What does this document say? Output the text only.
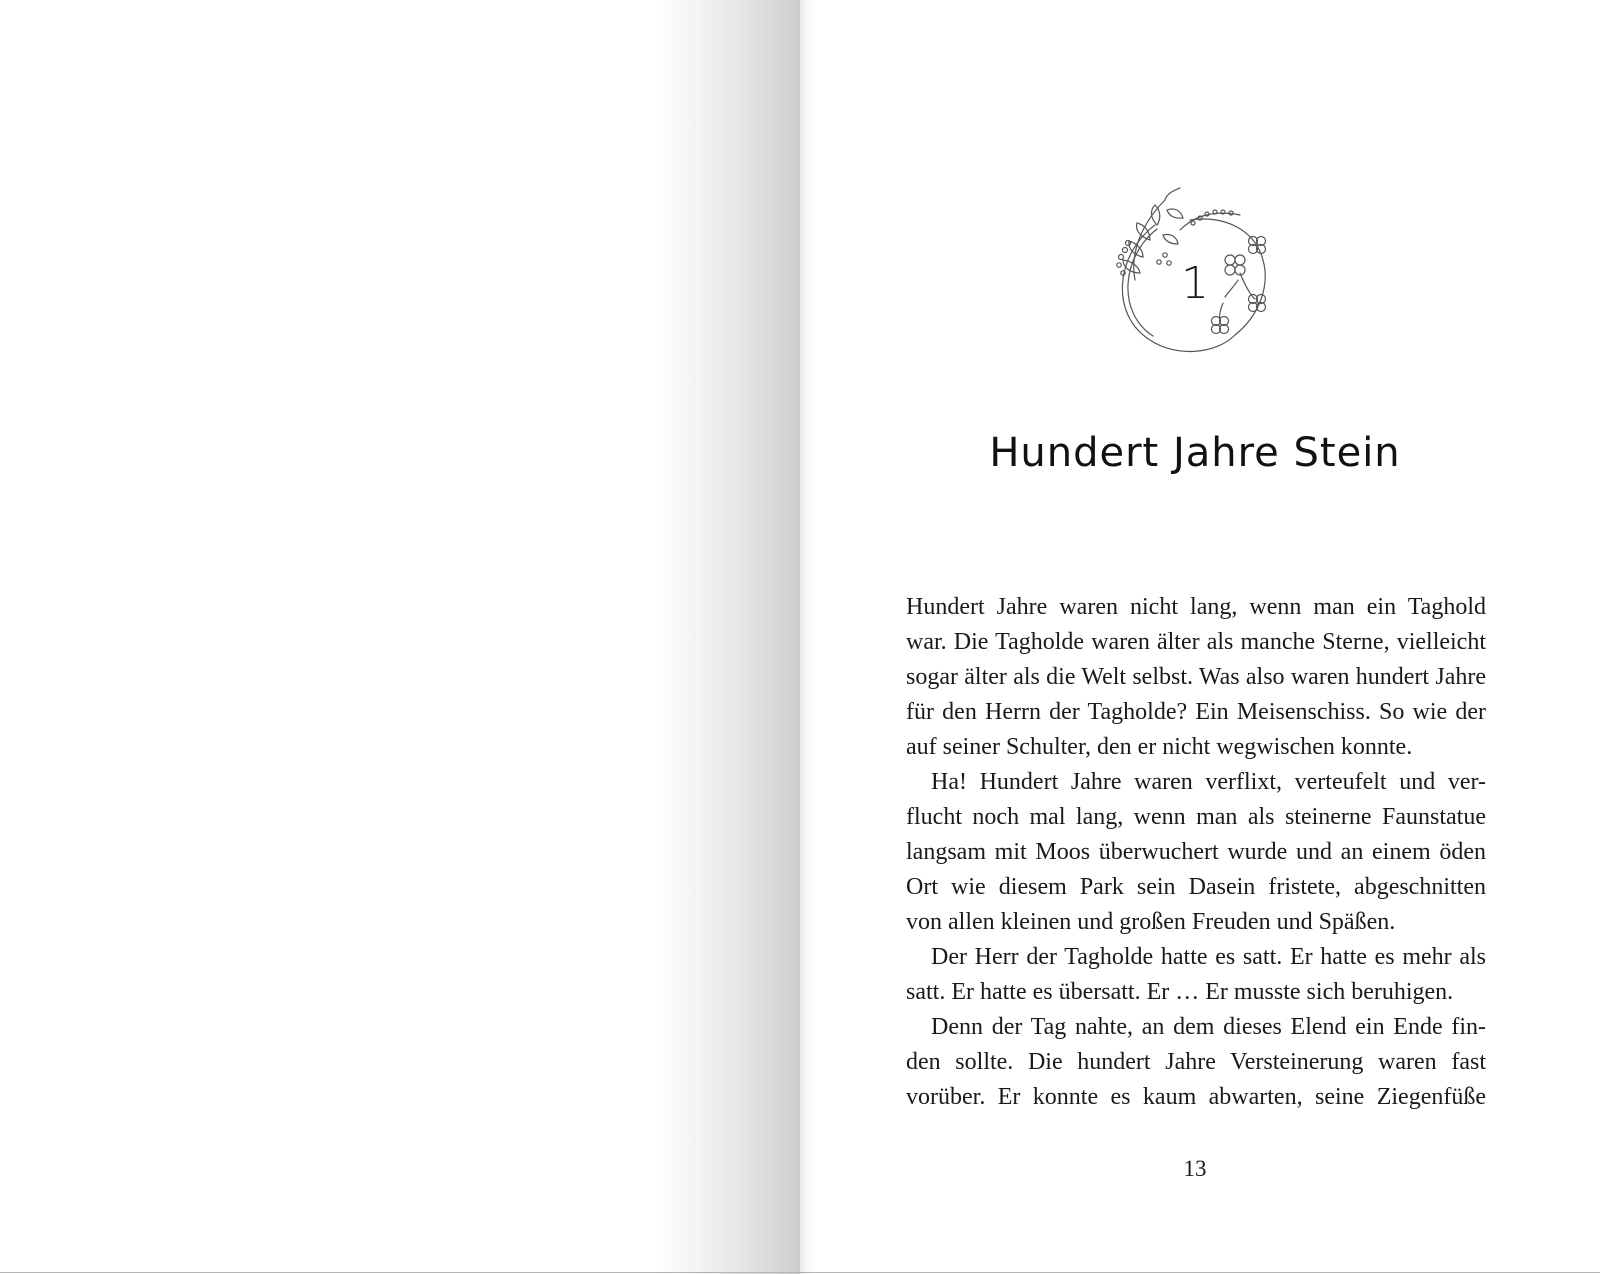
1
Hundert Jahre Stein
Hundert Jahre waren nicht lang, wenn man ein Taghold
war. Die Tagholde waren älter als manche Sterne, vielleicht
sogar älter als die Welt selbst. Was also waren hundert Jahre
für den Herrn der Tagholde? Ein Meisenschiss. So wie der
auf seiner Schulter, den er nicht wegwischen konnte.
Ha! Hundert Jahre waren verflixt, verteufelt und ver-
flucht noch mal lang, wenn man als steinerne Faunstatue
langsam mit Moos überwuchert wurde und an einem öden
Ort wie diesem Park sein Dasein fristete, abgeschnitten
von allen kleinen und großen Freuden und Späßen.
Der Herr der Tagholde hatte es satt. Er hatte es mehr als
satt. Er hatte es übersatt. Er … Er musste sich beruhigen.
Denn der Tag nahte, an dem dieses Elend ein Ende fin-
den sollte. Die hundert Jahre Versteinerung waren fast
vorüber. Er konnte es kaum abwarten, seine Ziegenfüße
13
